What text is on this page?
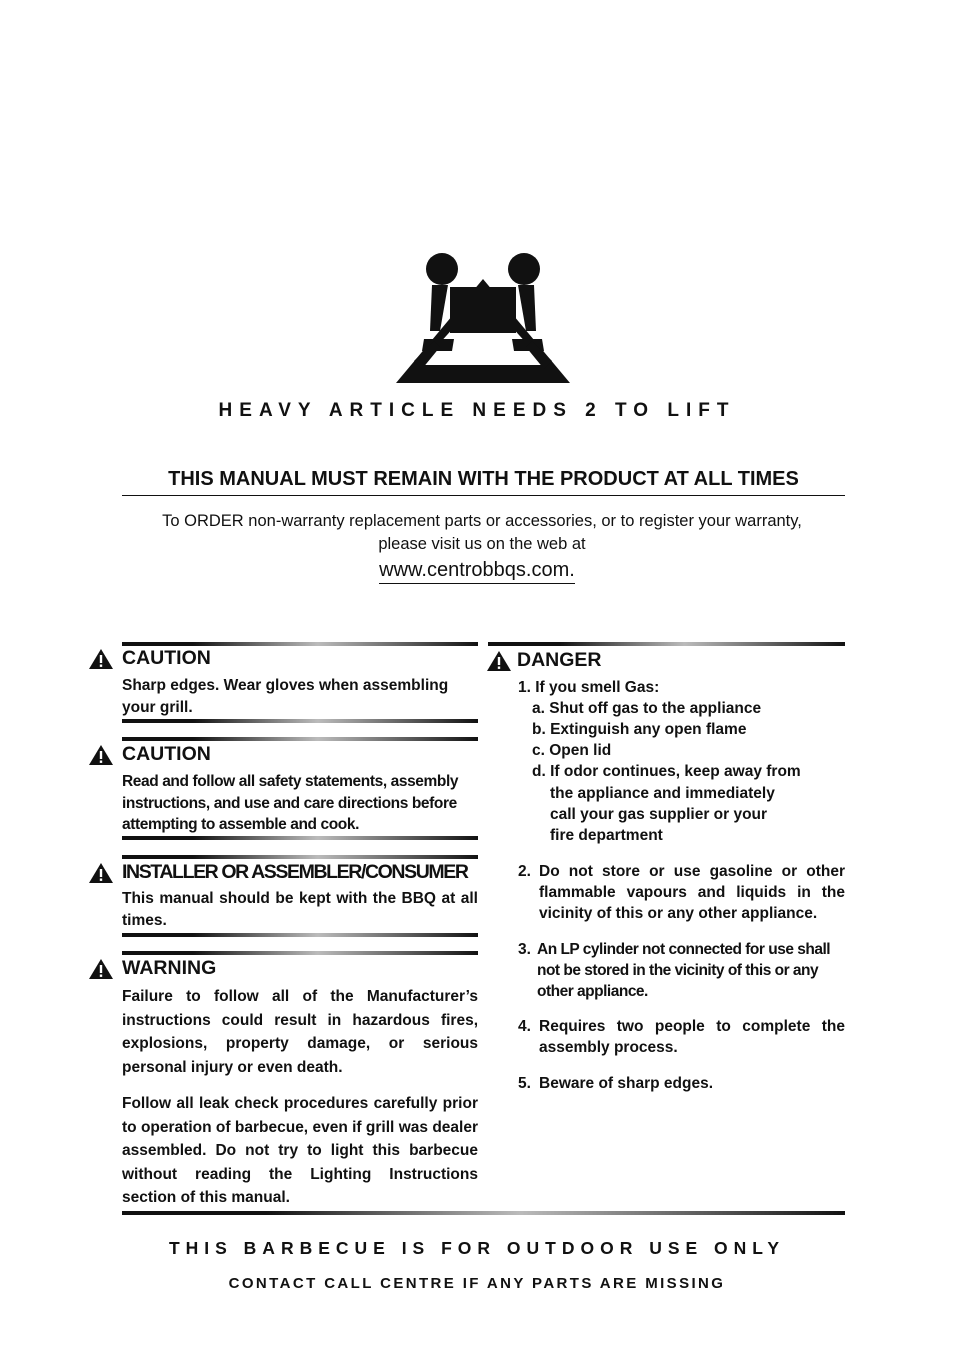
HEAVY ARTICLE NEEDS 2 TO LIFT
THIS MANUAL MUST REMAIN WITH THE PRODUCT AT ALL TIMES
To ORDER non-warranty replacement parts or accessories, or to register your warranty,
please visit us on the web at
www.centrobbqs.com.
CAUTION
Sharp edges. Wear gloves when assembling your grill.
CAUTION
Read and follow all safety statements, assembly instructions, and use and care directions before attempting to assemble and cook.
INSTALLER OR ASSEMBLER/CONSUMER
This manual should be kept with the BBQ at all times.
WARNING
Failure to follow all of the Manufacturer’s instructions could result in hazardous fires, explosions, property damage, or serious personal injury or even death.
Follow all leak check procedures carefully prior to operation of barbecue, even if grill was dealer assembled. Do not try to light this barbecue without reading the Lighting Instructions section of this manual.
DANGER
1. If you smell Gas:
a. Shut off gas to the appliance
b. Extinguish any open flame
c. Open lid
d. If odor continues, keep away from
the appliance and immediately
call your gas supplier or your
fire department
2. Do not store or use gasoline or other flammable vapours and liquids in the vicinity of this or any other appliance.
3. An LP cylinder not connected for use shall not be stored in the vicinity of this or any other appliance.
4. Requires two people to complete the assembly process.
5. Beware of sharp edges.
THIS BARBECUE IS FOR OUTDOOR USE ONLY
CONTACT CALL CENTRE IF ANY PARTS ARE MISSING
